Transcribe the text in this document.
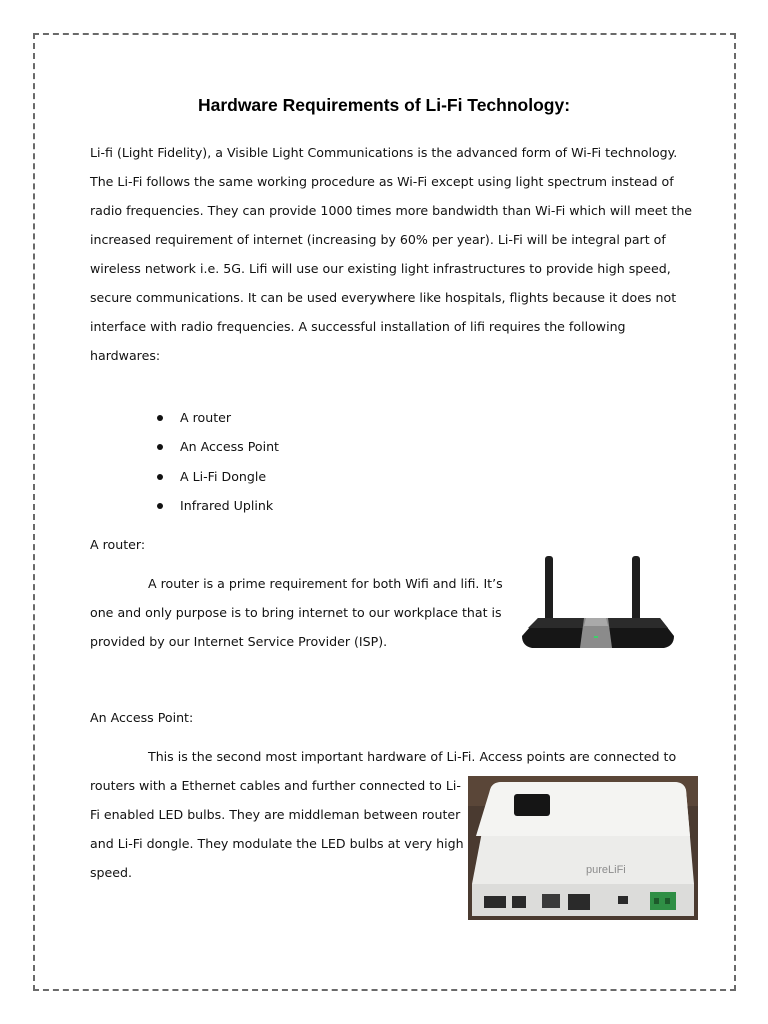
Hardware Requirements of Li-Fi Technology:

Li-fi (Light Fidelity), a Visible Light Communications is the advanced form of Wi-Fi technology.
The Li-Fi follows the same working procedure as Wi-Fi except using light spectrum instead of
radio frequencies. They can provide 1000 times more bandwidth than Wi-Fi which will meet the
increased requirement of internet (increasing by 60% per year). Li-Fi will be integral part of
wireless network i.e. 5G. Lifi will use our existing light infrastructures to provide high speed,
secure communications. It can be used everywhere like hospitals, flights because it does not
interface with radio frequencies. A successful installation of lifi requires the following
hardwares:

A router
An Access Point
A Li-Fi Dongle
Infrared Uplink
A router:

A router is a prime requirement for both Wifi and lifi. It’s
one and only purpose is to bring internet to our workplace that is
provided by our Internet Service Provider (ISP).

An Access Point:

This is the second most important hardware of Li-Fi. Access points are connected to
routers with a Ethernet cables and further connected to Li-
Fi enabled LED bulbs. They are middleman between router
and Li-Fi dongle. They modulate the LED bulbs at very high
speed.	pureLiFi
